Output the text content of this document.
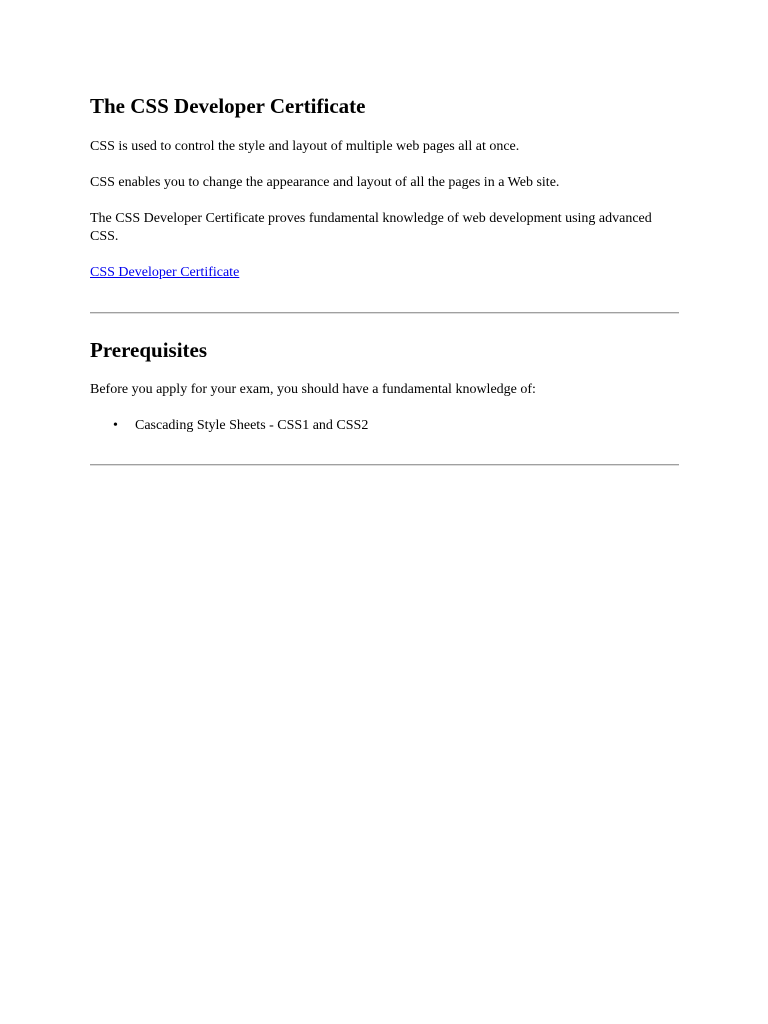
The CSS Developer Certificate

CSS is used to control the style and layout of multiple web pages all at once.

CSS enables you to change the appearance and layout of all the pages in a Web site.

The CSS Developer Certificate proves fundamental knowledge of web development using advanced CSS.

CSS Developer Certificate

Prerequisites

Before you apply for your exam, you should have a fundamental knowledge of:

• Cascading Style Sheets - CSS1 and CSS2
